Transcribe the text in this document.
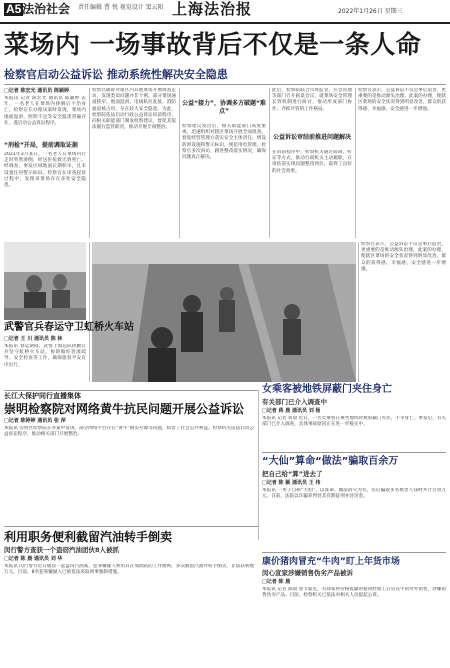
A5 法治社会 责任编辑 曹 悦 视觉设计 窦云阳 上海法治报	2022年1月26日 星期三
菜场内 一场事故背后不仅是一条人命
检察官启动公益诉讼 推动系统性解决安全隐患
□记者 陈宏光 通讯员 陈颖婷
本报讯 记者 陈宏光 通讯员 陈颖婷 去年，一名老人在菜场内摔倒后不治身亡。检察官在办理该案时发现，菜场内地面湿滑、照明不足等安全隐患普遍存在，遂启动公益诉讼程序。
“刑检”开局，提前调取证据
2021年3月某日，一名老人在菜场内行走时突然滑倒，经送医抢救无效死亡。经调查，事发区域地面长期积水，且未设置任何警示标识。检察官在审查起诉过程中，发现该菜场存在多处安全隐患。
检察官随即对辖区内其他菜场开展调查走访，发现类似问题并非个例。部分菜场通道狭窄、地面湿滑、电线私拉乱接，消防通道被占用，存在较大安全隐患。为此，检察院依法启动行政公益诉讼诉前程序，向相关职能部门制发检察建议，督促其依法履行监管职责，推动开展专项整治。
公益“接力”，协调多方破题“难点”
检察建议发出后，相关职能部门高度重视，迅速组织对辖区菜场开展全面排查，督促经营管理方落实安全主体责任，增设防滑设施和警示标识，规范用电管理。检察官多次回访，跟进整改落实情况，确保问题真正解决。
此后，检察院联合市场监管、应急管理等部门召开圆桌会议，就菜场安全管理长效机制进行研讨，推动形成部门协作、齐抓共管的工作格局。
公益诉讼审结前推进问题解决
在诉前程序中，检察机关通过磋商、听证等方式，推动行政机关主动履职，在审结前实现问题整改到位，取得了良好的社会效果。
检察官表示，公益诉讼不仅是事后追责，更重要的是推动源头治理。此案的办理，使辖区菜场的安全状况得到明显改善，群众的获得感、幸福感、安全感进一步增强。
检察官表示，公益诉讼不仅是事后追责，更重要的是推动源头治理。此案的办理，使辖区菜场的安全状况得到明显改善，群众的获得感、幸福感、安全感进一步增强。
武警官兵春运守卫虹桥火车站
□记者 王 川 通讯员 陈 林
本报讯 春运期间，武警上海总队执勤官兵坚守虹桥火车站，协助做好客流疏导、安全检查等工作，确保旅客平安有序出行。
女乘客被地铁屏蔽门夹住身亡
有关部门已介入调查中
□记者 蒋 晨 通讯员 刘 杨
本报讯 记者 蒋晨 近日，一名女乘客在乘坐地铁时被屏蔽门夹住，不幸身亡。事发后，有关部门已介入调查，具体事故原因正在进一步核实中。
“大仙”算命“做法”骗取百余万
把自己给“算”进去了
□记者 陈 颖 通讯员 王 伟
本报讯 一男子自称“大仙”，以算命、做法消灾为名，先后骗取多名被害人钱财共计百余万元。日前，法院以诈骗罪判处其有期徒刑并处罚金。
长江大保护同行直播集体
崇明检察院对网络黄牛抗民问题开展公益诉讼
□记者 陈婷婷 通讯员 张 萍
本报讯 崇明区检察院在办案中发现，部分网络平台存在“黄牛”倒卖号源等问题，损害了社会公共利益。检察机关依法启动公益诉讼程序，推动相关部门开展整治。
利用职务便利截留汽油转手倒卖
闵行警方查获一个盗窃汽油团伙8人被抓
□记者 陈 晨 通讯员 刘 华
本报讯 闵行警方近日破获一起盗窃汽油案，犯罪嫌疑人利用其在加油站的工作便利，多次截留汽油并转手倒卖，非法获利数万元。目前，8名犯罪嫌疑人已被依法采取刑事强制措施。
康价猪肉冒充“牛肉”盯上年货市场
闵心宣家涉嫌销售伪劣产品被诉
□记者 陈 晨
本报讯 记者 陈晨 春节临近，有商家将价格低廉的猪肉经加工后冒充牛肉对外销售，涉嫌销售伪劣产品。目前，检察机关已依法对相关人员提起公诉。
